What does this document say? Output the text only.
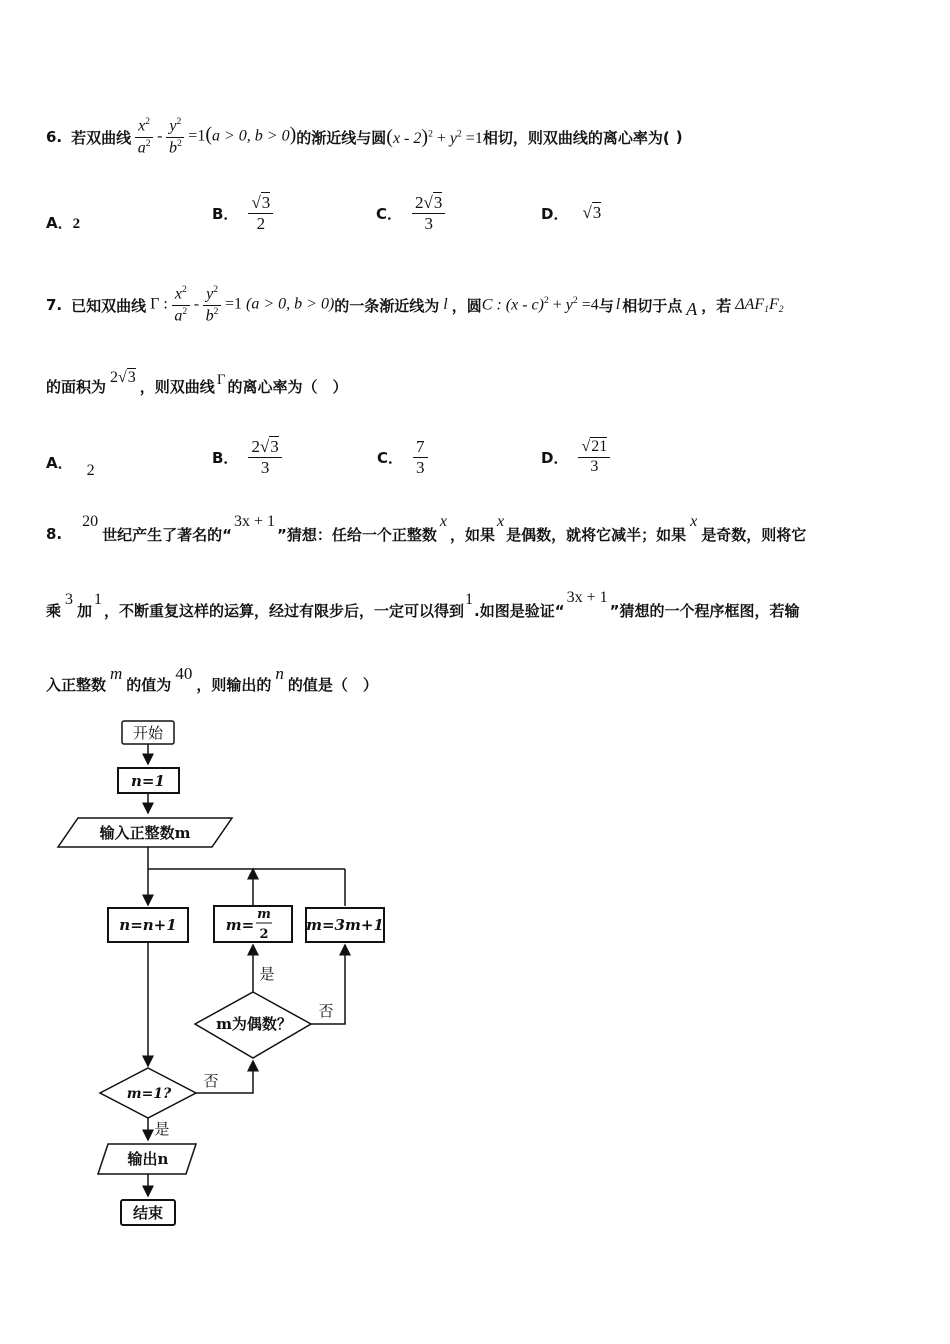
6. 若双曲线 $\frac{x^2}{a^2} - \frac{y^2}{b^2} =1(a > 0$, b > 0) 的渐近线与圆 $(x - 2)^2 + y^2 =1$ 相切，则双曲线的离心率为( )
A．2
B． $\frac{√3}{2}$	C． $\frac{2√3}{3}$	D． √3
7. 已知双曲线 Γ : $\frac{x^2}{a^2} - \frac{y^2}{b^2} =1$ (a > 0, b > 0) 的一条渐近线为 l ，圆 C : $(x - c)^2 + y^2 =4$ 与 l 相切于点 A ，若 $\Delta AF_1F_2$
的面积为 2√3 ，则双曲线 Γ 的离心率为（　）
A． 2
B． $\frac{2√3}{3}$	C． $\frac{7}{3}$	D． $\frac{√21}{3}$
8.
20
世纪产生了著名的“
3x + 1
”猜想：任给一个正整数
x
，如果
x
是偶数，就将它减半；如果
x
是奇数，则将它
乘
3
加
1
，不断重复这样的运算，经过有限步后，一定可以得到
1
.如图是验证“
3x + 1
”猜想的一个程序框图，若输
入正整数
m
的值为
40
，则输出的
n
的值是（　）
开始
n=1
输入正整数m
n=n+1	m=
m
2
m=3m+1
m为偶数？
是
否
m=1?
否
是
输出n
结束
